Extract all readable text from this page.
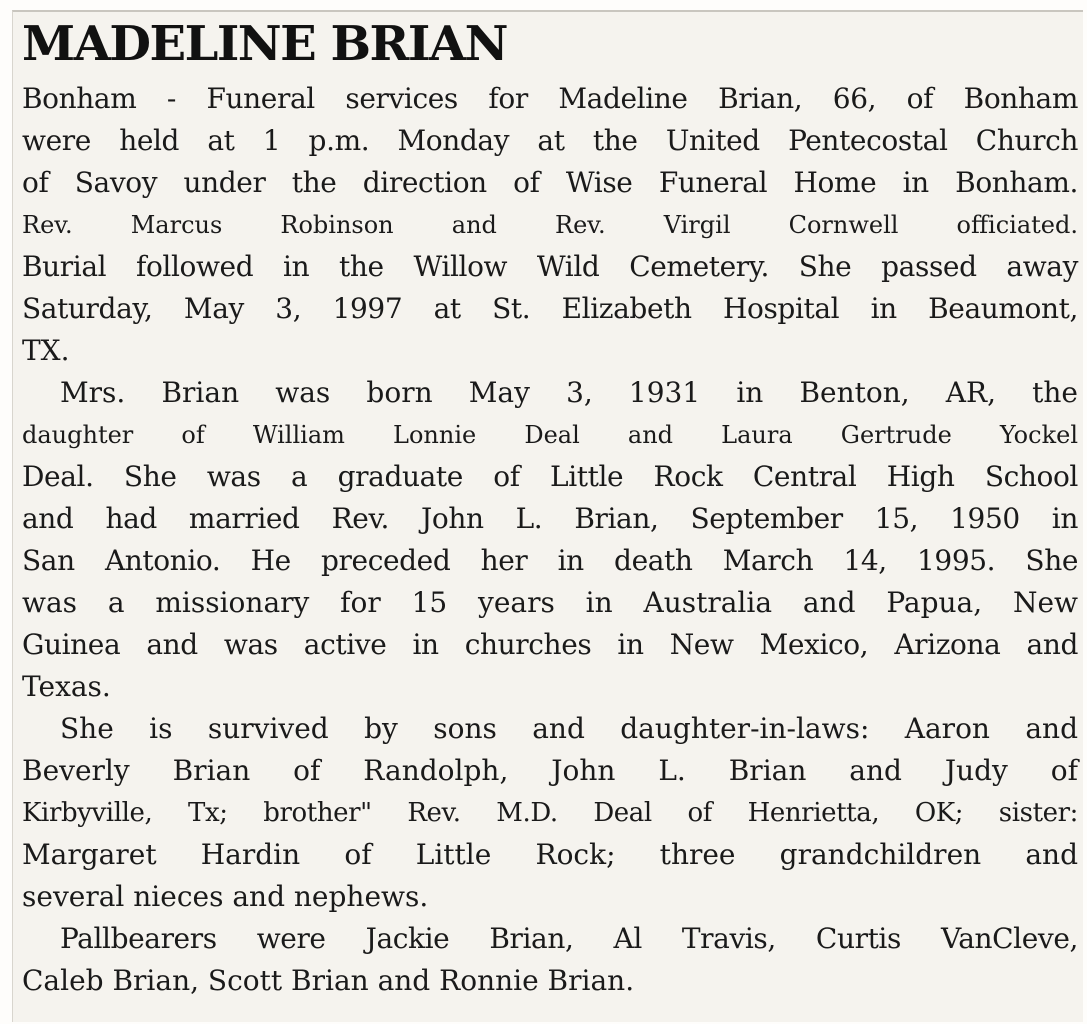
MADELINE BRIAN
Bonham - Funeral services for Madeline Brian, 66, of Bonham
were held at 1 p.m. Monday at the United Pentecostal Church
of Savoy under the direction of Wise Funeral Home in Bonham.
Rev. Marcus Robinson and Rev. Virgil Cornwell officiated.
Burial followed in the Willow Wild Cemetery. She passed away
Saturday, May 3, 1997 at St. Elizabeth Hospital in Beaumont,
TX.
Mrs. Brian was born May 3, 1931 in Benton, AR, the
daughter of William Lonnie Deal and Laura Gertrude Yockel
Deal. She was a graduate of Little Rock Central High School
and had married Rev. John L. Brian, September 15, 1950 in
San Antonio. He preceded her in death March 14, 1995. She
was a missionary for 15 years in Australia and Papua, New
Guinea and was active in churches in New Mexico, Arizona and
Texas.
She is survived by sons and daughter-in-laws: Aaron and
Beverly Brian of Randolph, John L. Brian and Judy of
Kirbyville, Tx; brother" Rev. M.D. Deal of Henrietta, OK; sister:
Margaret Hardin of Little Rock; three grandchildren and
several nieces and nephews.
Pallbearers were Jackie Brian, Al Travis, Curtis VanCleve,
Caleb Brian, Scott Brian and Ronnie Brian.
